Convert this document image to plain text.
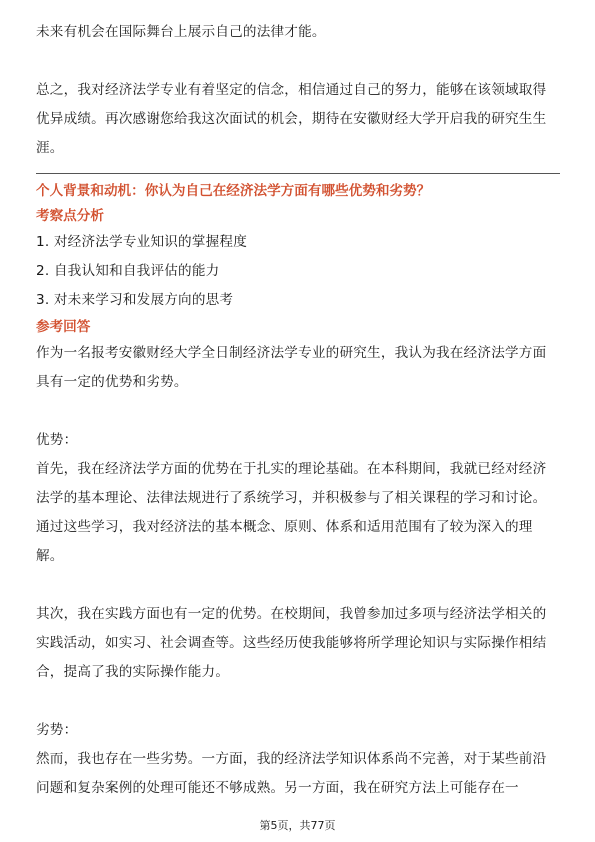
未来有机会在国际舞台上展示自己的法律才能。

总之，我对经济法学专业有着坚定的信念，相信通过自己的努力，能够在该领域取得优异成绩。再次感谢您给我这次面试的机会，期待在安徽财经大学开启我的研究生生涯。

个人背景和动机：你认为自己在经济法学方面有哪些优势和劣势？
考察点分析

1. 对经济法学专业知识的掌握程度

2. 自我认知和自我评估的能力

3. 对未来学习和发展方向的思考

参考回答

作为一名报考安徽财经大学全日制经济法学专业的研究生，我认为我在经济法学方面具有一定的优势和劣势。

优势：

首先，我在经济法学方面的优势在于扎实的理论基础。在本科期间，我就已经对经济法学的基本理论、法律法规进行了系统学习，并积极参与了相关课程的学习和讨论。通过这些学习，我对经济法的基本概念、原则、体系和适用范围有了较为深入的理解。

其次，我在实践方面也有一定的优势。在校期间，我曾参加过多项与经济法学相关的实践活动，如实习、社会调查等。这些经历使我能够将所学理论知识与实际操作相结合，提高了我的实际操作能力。

劣势：

然而，我也存在一些劣势。一方面，我的经济法学知识体系尚不完善，对于某些前沿问题和复杂案例的处理可能还不够成熟。另一方面，我在研究方法上可能存在一

第5页，共77页
